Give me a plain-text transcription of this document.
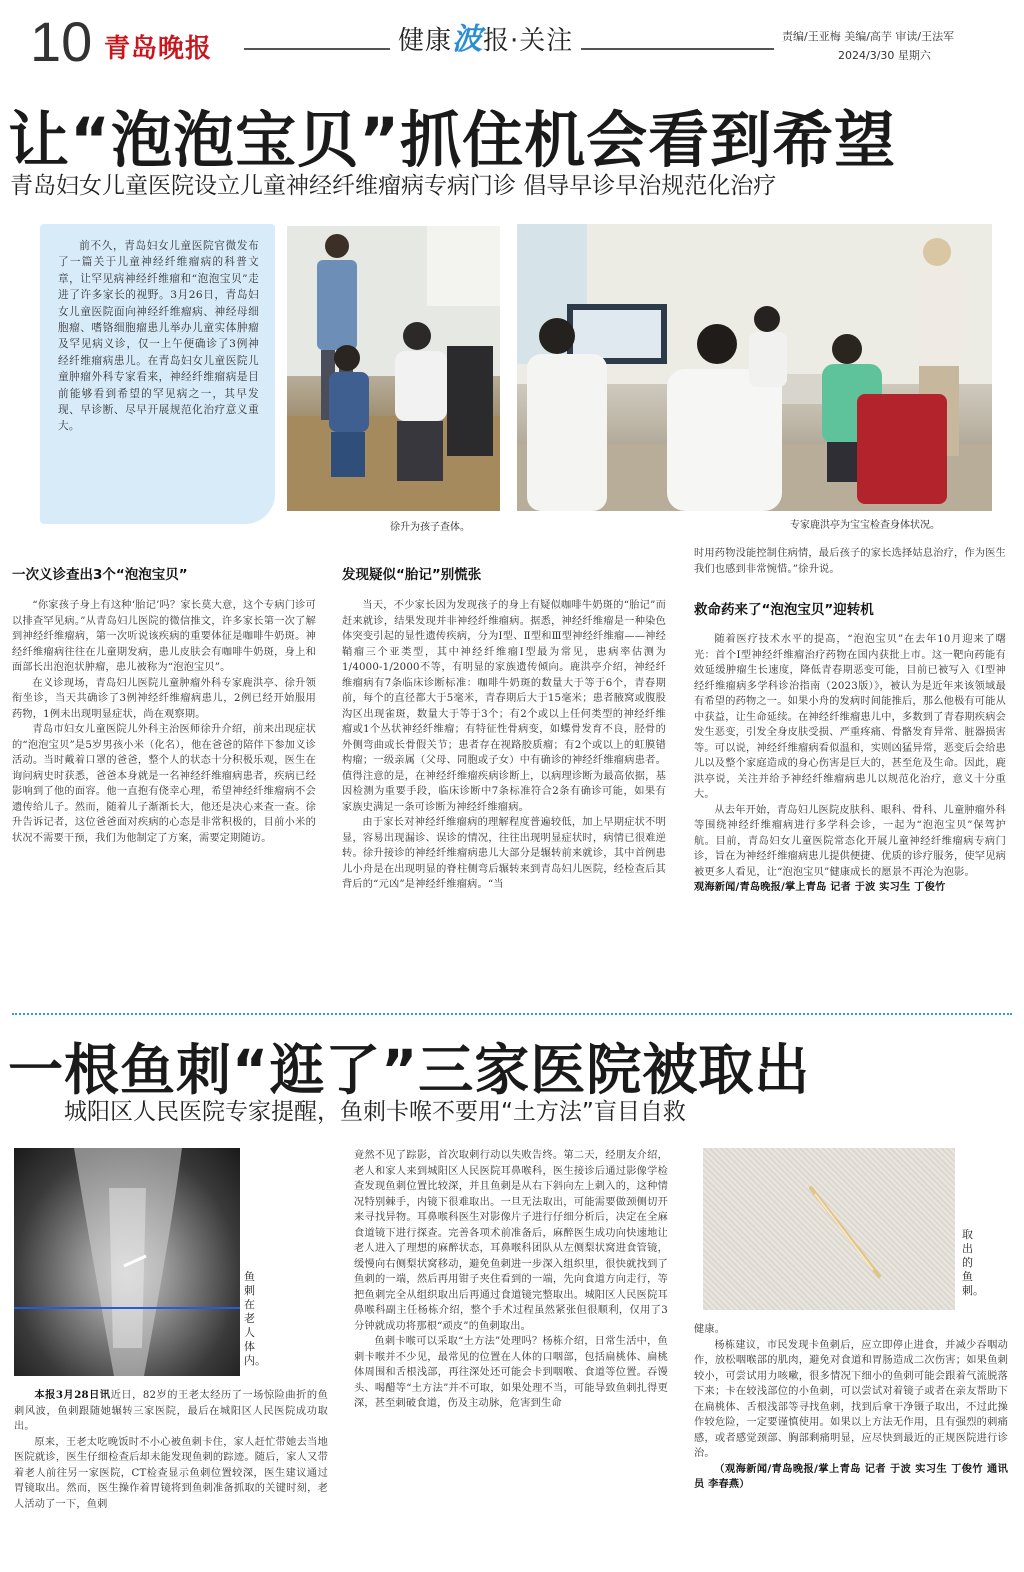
10 青岛晚报	健康波报·关注	责编/王亚梅 美编/高芋 审读/王法军
2024/3/30 星期六
让“泡泡宝贝”抓住机会看到希望
青岛妇女儿童医院设立儿童神经纤维瘤病专病门诊 倡导早诊早治规范化治疗

前不久，青岛妇女儿童医院官微发布了一篇关于儿童神经纤维瘤病的科普文章，让罕见病神经纤维瘤和“泡泡宝贝”走进了许多家长的视野。3月26日，青岛妇女儿童医院面向神经纤维瘤病、神经母细胞瘤、嗜铬细胞瘤患儿举办儿童实体肿瘤及罕见病义诊，仅一上午便确诊了3例神经纤维瘤病患儿。在青岛妇女儿童医院儿童肿瘤外科专家看来，神经纤维瘤病是目前能够看到希望的罕见病之一，其早发现、早诊断、尽早开展规范化治疗意义重大。

徐升为孩子查体。	专家鹿洪亭为宝宝检查身体状况。
一次义诊查出3个“泡泡宝贝”

“你家孩子身上有这种‘胎记’吗？家长莫大意，这个专病门诊可以排查罕见病。”从青岛妇儿医院的微信推文，许多家长第一次了解到神经纤维瘤病，第一次听说该疾病的重要体征是咖啡牛奶斑。神经纤维瘤病往往在儿童期发病，患儿皮肤会有咖啡牛奶斑，身上和面部长出泡泡状肿瘤，患儿被称为“泡泡宝贝”。

在义诊现场，青岛妇儿医院儿童肿瘤外科专家鹿洪亭、徐升领衔坐诊，当天共确诊了3例神经纤维瘤病患儿，2例已经开始服用药物，1例未出现明显症状，尚在观察期。

青岛市妇女儿童医院儿外科主治医师徐升介绍，前来出现症状的“泡泡宝贝”是5岁男孩小米（化名），他在爸爸的陪伴下参加义诊活动。当时戴着口罩的爸爸，整个人的状态十分积极乐观，医生在询问病史时获悉，爸爸本身就是一名神经纤维瘤病患者，疾病已经影响到了他的面容。他一直抱有侥幸心理，希望神经纤维瘤病不会遗传给儿子。然而，随着儿子渐渐长大，他还是决心来查一查。徐升告诉记者，这位爸爸面对疾病的心态是非常积极的，目前小米的状况不需要干预，我们为他制定了方案，需要定期随访。

发现疑似“胎记”别慌张

当天，不少家长因为发现孩子的身上有疑似咖啡牛奶斑的“胎记”而赶来就诊，结果发现并非神经纤维瘤病。据悉，神经纤维瘤是一种染色体突变引起的显性遗传疾病，分为Ⅰ型、Ⅱ型和Ⅲ型神经纤维瘤——神经鞘瘤三个亚类型，其中神经纤维瘤Ⅰ型最为常见，患病率估测为1/4000-1/2000不等，有明显的家族遗传倾向。鹿洪亭介绍，神经纤维瘤病有7条临床诊断标准：咖啡牛奶斑的数量大于等于6个，青春期前，每个的直径都大于5毫米，青春期后大于15毫米；患者腋窝或腹股沟区出现雀斑，数量大于等于3个；有2个或以上任何类型的神经纤维瘤或1个丛状神经纤维瘤；有特征性骨病变，如蝶骨发育不良，胫骨的外侧弯曲或长骨假关节；患者存在视路胶质瘤；有2个或以上的虹膜错构瘤；一级亲属（父母、同胞或子女）中有确诊的神经纤维瘤病患者。值得注意的是，在神经纤维瘤疾病诊断上，以病理诊断为最高依据，基因检测为重要手段，临床诊断中7条标准符合2条有确诊可能，如果有家族史满足一条可诊断为神经纤维瘤病。

由于家长对神经纤维瘤病的理解程度普遍较低，加上早期症状不明显，容易出现漏诊、误诊的情况，往往出现明显症状时，病情已很难逆转。徐升接诊的神经纤维瘤病患儿大部分是辗转前来就诊，其中首例患儿小舟是在出现明显的脊柱侧弯后辗转来到青岛妇儿医院，经检查后其背后的“元凶”是神经纤维瘤病。“当

时用药物没能控制住病情，最后孩子的家长选择姑息治疗，作为医生我们也感到非常惋惜。”徐升说。

救命药来了“泡泡宝贝”迎转机

随着医疗技术水平的提高，“泡泡宝贝”在去年10月迎来了曙光：首个Ⅰ型神经纤维瘤治疗药物在国内获批上市。这一靶向药能有效延缓肿瘤生长速度，降低青春期恶变可能，目前已被写入《Ⅰ型神经纤维瘤病多学科诊治指南（2023版）》，被认为是近年来该领域最有希望的药物之一。如果小舟的发病时间能推后，那么他极有可能从中获益，让生命延续。在神经纤维瘤患儿中，多数到了青春期疾病会发生恶变，引发全身皮肤受损、严重疼痛、骨骼发育异常、脏器损害等。可以说，神经纤维瘤病看似温和，实则凶猛异常，恶变后会给患儿以及整个家庭造成的身心伤害是巨大的，甚至危及生命。因此，鹿洪亭说，关注并给予神经纤维瘤病患儿以规范化治疗，意义十分重大。

从去年开始，青岛妇儿医院皮肤科、眼科、骨科、儿童肿瘤外科等围绕神经纤维瘤病进行多学科会诊，一起为“泡泡宝贝”保驾护航。目前，青岛妇女儿童医院常态化开展儿童神经纤维瘤病专病门诊，旨在为神经纤维瘤病患儿提供便捷、优质的诊疗服务，使罕见病被更多人看见，让“泡泡宝贝”健康成长的愿景不再沦为泡影。

观海新闻/青岛晚报/掌上青岛 记者 于波 实习生 丁俊竹

一根鱼刺“逛了”三家医院被取出
城阳区人民医院专家提醒，鱼刺卡喉不要用“土方法”盲目自救
鱼刺在老人体内。

本报3月28日讯近日，82岁的王老太经历了一场惊险曲折的鱼刺风波，鱼刺跟随她辗转三家医院，最后在城阳区人民医院成功取出。

原来，王老太吃晚饭时不小心被鱼刺卡住，家人赶忙带她去当地医院就诊，医生仔细检查后却未能发现鱼刺的踪迹。随后，家人又带着老人前往另一家医院，CT检查显示鱼刺位置较深，医生建议通过胃镜取出。然而，医生操作着胃镜将到鱼刺准备抓取的关键时刻，老人活动了一下，鱼刺

竟然不见了踪影，首次取刺行动以失败告终。第二天，经朋友介绍，老人和家人来到城阳区人民医院耳鼻喉科，医生接诊后通过影像学检查发现鱼刺位置比较深，并且鱼刺是从右下斜向左上刺入的，这种情况特别棘手，内镜下很难取出。一旦无法取出，可能需要做颈侧切开来寻找异物。耳鼻喉科医生对影像片子进行仔细分析后，决定在全麻食道镜下进行探查。完善各项术前准备后，麻醉医生成功向快速地让老人进入了理想的麻醉状态，耳鼻喉科团队从左侧梨状窝进食管镜，缓慢向右侧梨状窝移动，避免鱼刺进一步深入组织里，很快就找到了鱼刺的一端，然后再用钳子夹住看到的一端，先向食道方向走行，等把鱼刺完全从组织取出后再通过食道镜完整取出。城阳区人民医院耳鼻喉科副主任杨栋介绍，整个手术过程虽然紧张但很顺利，仅用了3分钟就成功将那根“顽皮”的鱼刺取出。

鱼刺卡喉可以采取“土方法”处理吗？杨栋介绍，日常生活中，鱼刺卡喉并不少见，最常见的位置在人体的口咽部，包括扁桃体、扁桃体周围和舌根浅部，再往深处还可能会卡到咽喉、食道等位置。吞馒头、喝醋等“土方法”并不可取，如果处理不当，可能导致鱼刺扎得更深，甚至刺破食道，伤及主动脉，危害到生命

取出的鱼刺。

健康。

杨栋建议，市民发现卡鱼刺后，应立即停止进食，并减少吞咽动作，放松咽喉部的肌肉，避免对食道和胃肠造成二次伤害；如果鱼刺较小，可尝试用力咳嗽，很多情况下细小的鱼刺可能会跟着气流脱落下来；卡在较浅部位的小鱼刺，可以尝试对着镜子或者在亲友帮助下在扁桃体、舌根浅部等寻找鱼刺，找到后拿干净镊子取出，不过此操作较危险，一定要谨慎使用。如果以上方法无作用，且有强烈的刺痛感，或者感觉颈部、胸部剩痛明显，应尽快到最近的正规医院进行诊治。

（观海新闻/青岛晚报/掌上青岛 记者 于波 实习生 丁俊竹 通讯员 李春燕）
